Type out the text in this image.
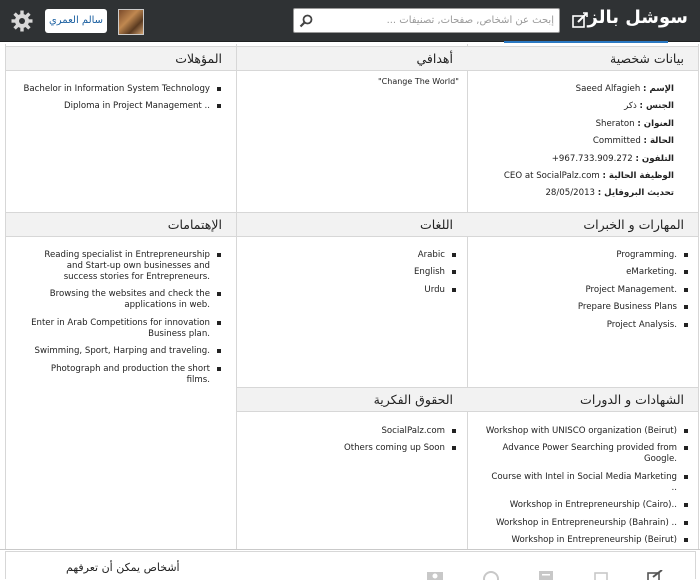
سوشل بالز
إبحث عن أشخاص, صفحات, تصنيفات ...
سالم العمري
بيانات شخصية
أهدافي
المؤهلات
المهارات و الخبرات
اللغات
الإهتمامات
الشهادات و الدورات
الحقوق الفكرية
الإسم : Saeed Alfagieh
الجنس : ذكر
العنوان : Sheraton
الحالة : Committed
التلفون : 967.733.909.272+
الوظيفة الحالية : CEO at SocialPalz.com
تحديث البروفايل : 28/05/2013
"Change The World"
Bachelor in Information System Technology
Diploma in Project Management ..
Programming.
eMarketing.
Project Management.
Prepare Business Plans
Project Analysis.
Arabic
English
Urdu
Reading specialist in Entrepreneurship and Start-up own businesses and success stories for Entrepreneurs.
Browsing the websites and check the applications in web.
Enter in Arab Competitions for innovation Business plan.
Swimming, Sport, Harping and traveling.
Photograph and production the short films.
Workshop with UNISCO organization (Beirut)
Advance Power Searching provided from Google.
Course with Intel in Social Media Marketing ..
Workshop in Entrepreneurship (Cairo)..
Workshop in Entrepreneurship (Bahrain) ..
Workshop in Entrepreneurship (Beirut)
SocialPalz.com
Others coming up Soon
أشخاص يمكن أن تعرفهم
